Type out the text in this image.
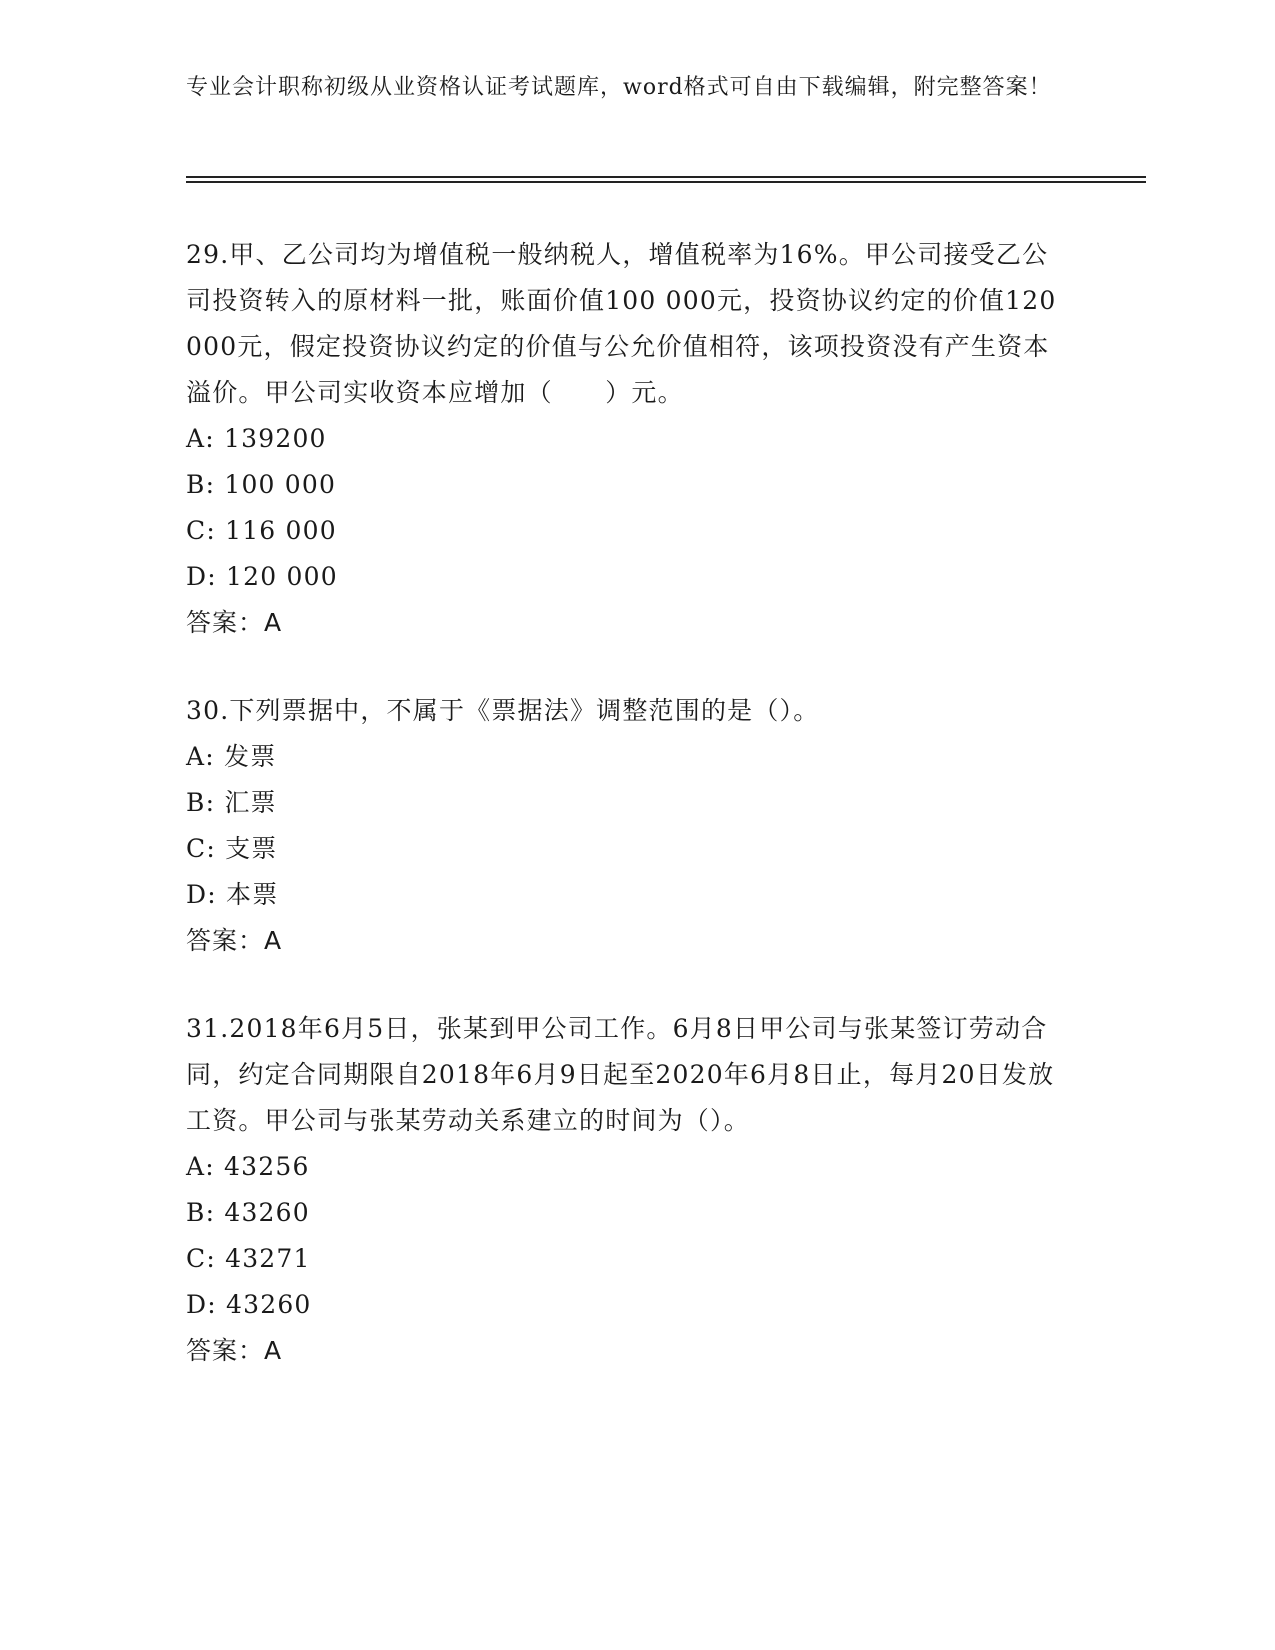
专业会计职称初级从业资格认证考试题库，word格式可自由下载编辑，附完整答案！

29.甲、乙公司均为增值税一般纳税人，增值税率为16%。甲公司接受乙公司投资转入的原材料一批，账面价值100 000元，投资协议约定的价值120 000元，假定投资协议约定的价值与公允价值相符，该项投资没有产生资本溢价。甲公司实收资本应增加（　　）元。

A: 139200

B: 100 000

C: 116 000

D: 120 000

答案：A

30.下列票据中，不属于《票据法》调整范围的是（）。

A: 发票

B: 汇票

C: 支票

D: 本票

答案：A

31.2018年6月5日，张某到甲公司工作。6月8日甲公司与张某签订劳动合同，约定合同期限自2018年6月9日起至2020年6月8日止，每月20日发放工资。甲公司与张某劳动关系建立的时间为（）。

A: 43256

B: 43260

C: 43271

D: 43260

答案：A
